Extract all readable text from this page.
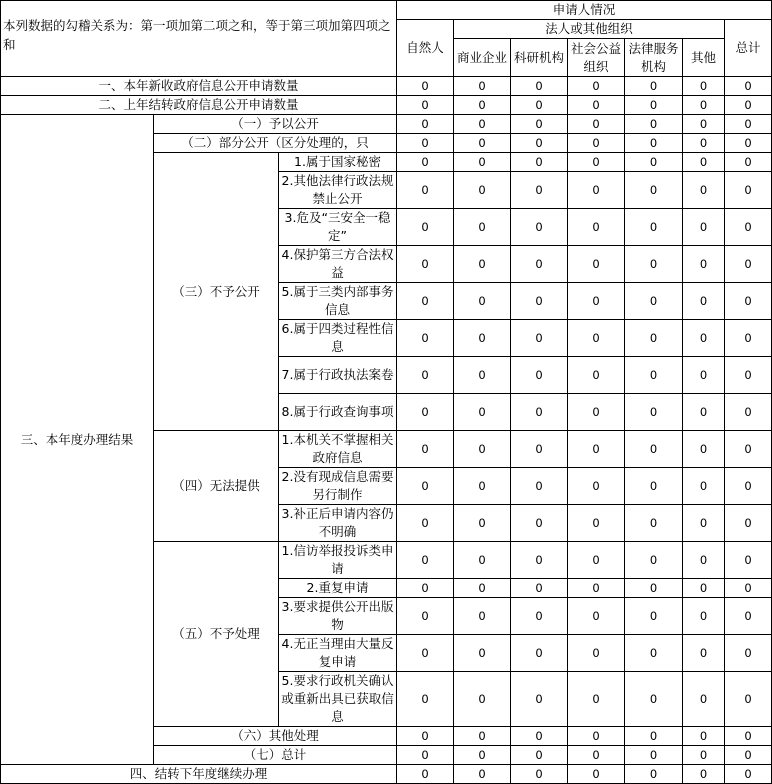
本列数据的勾稽关系为：第一项加第二项之和，等于第三项加第四项之和			申请人情况						
			自然人	法人或其他组织					总计
				商业企业	科研机构	社会公益组织	法律服务机构	其他	
一、本年新收政府信息公开申请数量			0	0	0	0	0	0	0
二、上年结转政府信息公开申请数量			0	0	0	0	0	0	0
三、本年度办理结果	（一）予以公开		0	0	0	0	0	0	0
	（二）部分公开（区分处理的，只		0	0	0	0	0	0	0
	（三）不予公开	1.属于国家秘密	0	0	0	0	0	0	0
		2.其他法律行政法规禁止公开	0	0	0	0	0	0	0
		3.危及“三安全一稳定”	0	0	0	0	0	0	0
		4.保护第三方合法权益	0	0	0	0	0	0	0
		5.属于三类内部事务信息	0	0	0	0	0	0	0
		6.属于四类过程性信息	0	0	0	0	0	0	0
		7.属于行政执法案卷	0	0	0	0	0	0	0
		8.属于行政查询事项	0	0	0	0	0	0	0
	（四）无法提供	1.本机关不掌握相关政府信息	0	0	0	0	0	0	0
		2.没有现成信息需要另行制作	0	0	0	0	0	0	0
		3.补正后申请内容仍不明确	0	0	0	0	0	0	0
	（五）不予处理	1.信访举报投诉类申请	0	0	0	0	0	0	0
		2.重复申请	0	0	0	0	0	0	0
		3.要求提供公开出版物	0	0	0	0	0	0	0
		4.无正当理由大量反复申请	0	0	0	0	0	0	0
		5.要求行政机关确认或重新出具已获取信息	0	0	0	0	0	0	0
	（六）其他处理		0	0	0	0	0	0	0
	（七）总计		0	0	0	0	0	0	0
四、结转下年度继续办理			0	0	0	0	0	0	0
